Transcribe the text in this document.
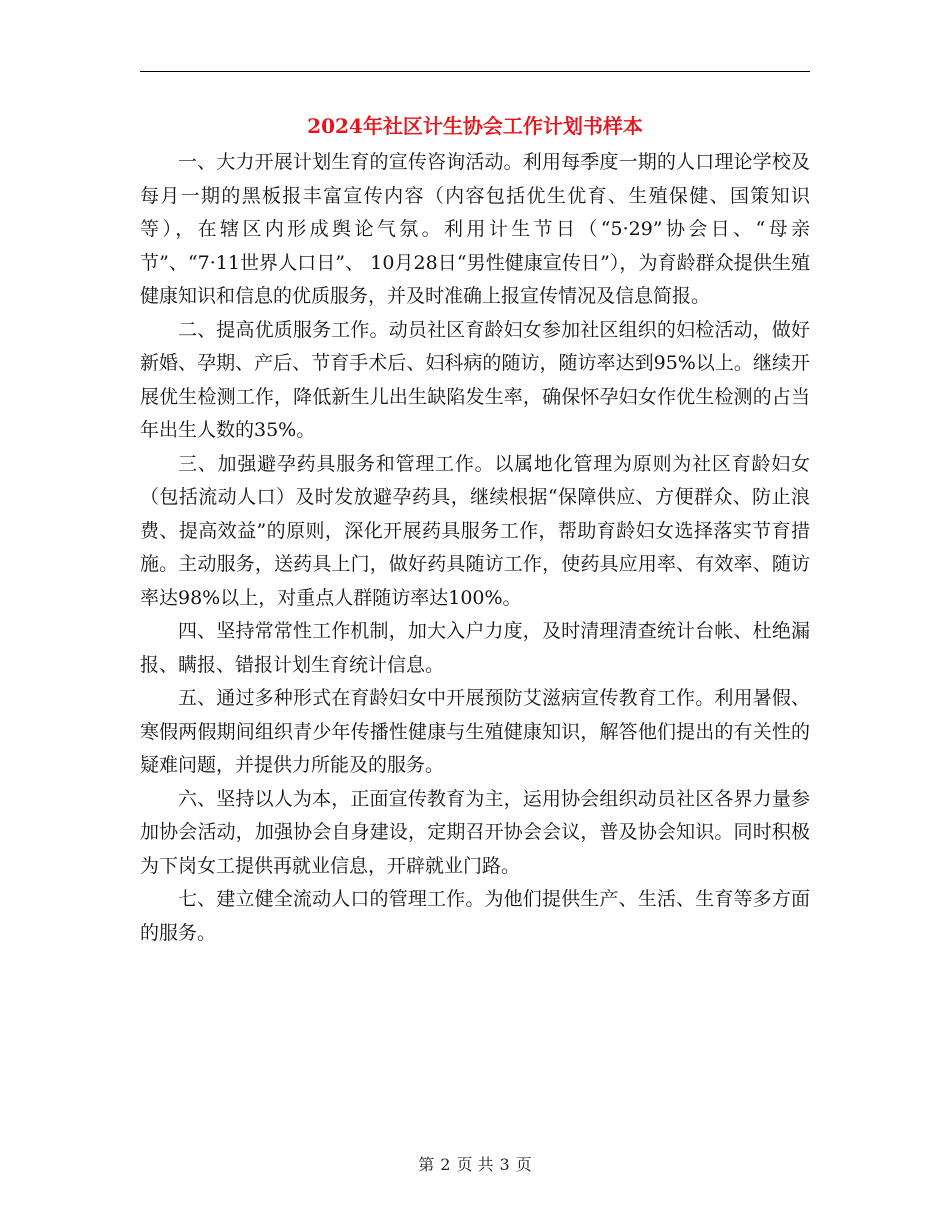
2024年社区计生协会工作计划书样本

一、大力开展计划生育的宣传咨询活动。利用每季度一期的人口理论学校及每月一期的黑板报丰富宣传内容（内容包括优生优育、生殖保健、国策知识等），在辖区内形成舆论气氛。利用计生节日（“5·29”协会日、“母亲节”、“7·11世界人口日”、 10月28日“男性健康宣传日”），为育龄群众提供生殖健康知识和信息的优质服务，并及时准确上报宣传情况及信息简报。

二、提高优质服务工作。动员社区育龄妇女参加社区组织的妇检活动，做好新婚、孕期、产后、节育手术后、妇科病的随访，随访率达到95%以上。继续开展优生检测工作，降低新生儿出生缺陷发生率，确保怀孕妇女作优生检测的占当年出生人数的35%。

三、加强避孕药具服务和管理工作。以属地化管理为原则为社区育龄妇女（包括流动人口）及时发放避孕药具，继续根据“保障供应、方便群众、防止浪费、提高效益”的原则，深化开展药具服务工作，帮助育龄妇女选择落实节育措施。主动服务，送药具上门，做好药具随访工作，使药具应用率、有效率、随访率达98%以上，对重点人群随访率达100%。

四、坚持常常性工作机制，加大入户力度，及时清理清查统计台帐、杜绝漏报、瞒报、错报计划生育统计信息。

五、通过多种形式在育龄妇女中开展预防艾滋病宣传教育工作。利用暑假、寒假两假期间组织青少年传播性健康与生殖健康知识，解答他们提出的有关性的疑难问题，并提供力所能及的服务。

六、坚持以人为本，正面宣传教育为主，运用协会组织动员社区各界力量参加协会活动，加强协会自身建设，定期召开协会会议，普及协会知识。同时积极为下岗女工提供再就业信息，开辟就业门路。

七、建立健全流动人口的管理工作。为他们提供生产、生活、生育等多方面的服务。

第 2 页 共 3 页
